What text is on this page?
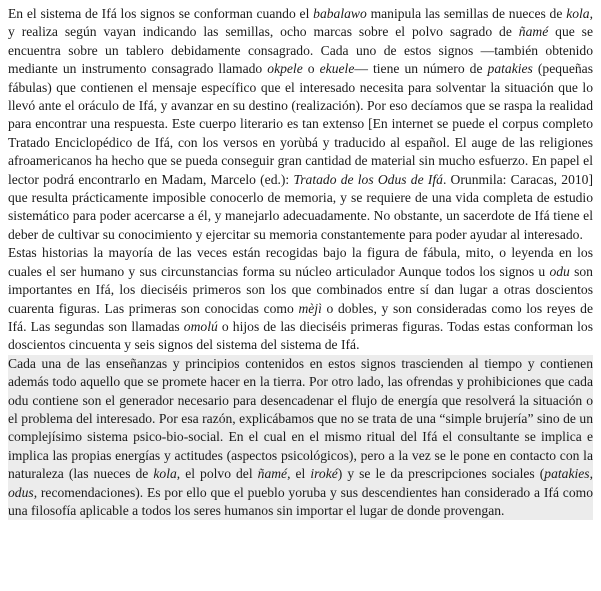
En el sistema de Ifá los signos se conforman cuando el babalawo manipula las semillas de nueces de kola, y realiza según vayan indicando las semillas, ocho marcas sobre el polvo sagrado de ñamé que se encuentra sobre un tablero debidamente consagrado. Cada uno de estos signos —también obtenido mediante un instrumento consagrado llamado okpele o ekuele— tiene un número de patakies (pequeñas fábulas) que contienen el mensaje específico que el interesado necesita para solventar la situación que lo llevó ante el oráculo de Ifá, y avanzar en su destino (realización). Por eso decíamos que se raspa la realidad para encontrar una respuesta. Este cuerpo literario es tan extenso [En internet se puede el corpus completo Tratado Enciclopédico de Ifá, con los versos en yorùbá y traducido al español. El auge de las religiones afroamericanos ha hecho que se pueda conseguir gran cantidad de material sin mucho esfuerzo. En papel el lector podrá encontrarlo en Madam, Marcelo (ed.): Tratado de los Odus de Ifá. Orunmila: Caracas, 2010] que resulta prácticamente imposible conocerlo de memoria, y se requiere de una vida completa de estudio sistemático para poder acercarse a él, y manejarlo adecuadamente. No obstante, un sacerdote de Ifá tiene el deber de cultivar su conocimiento y ejercitar su memoria constantemente para poder ayudar al interesado.

Estas historias la mayoría de las veces están recogidas bajo la figura de fábula, mito, o leyenda en los cuales el ser humano y sus circunstancias forma su núcleo articulador Aunque todos los signos u odu son importantes en Ifá, los dieciséis primeros son los que combinados entre sí dan lugar a otras doscientos cuarenta figuras. Las primeras son conocidas como mèjì o dobles, y son consideradas como los reyes de Ifá. Las segundas son llamadas omolú o hijos de las dieciséis primeras figuras. Todas estas conforman los doscientos cincuenta y seis signos del sistema del sistema de Ifá.

Cada una de las enseñanzas y principios contenidos en estos signos trascienden al tiempo y contienen además todo aquello que se promete hacer en la tierra. Por otro lado, las ofrendas y prohibiciones que cada odu contiene son el generador necesario para desencadenar el flujo de energía que resolverá la situación o el problema del interesado. Por esa razón, explicábamos que no se trata de una “simple brujería” sino de un complejísimo sistema psico-bio-social. En el cual en el mismo ritual del Ifá el consultante se implica e implica las propias energías y actitudes (aspectos psicológicos), pero a la vez se le pone en contacto con la naturaleza (las nueces de kola, el polvo del ñamé, el iroké) y se le da prescripciones sociales (patakies, odus, recomendaciones). Es por ello que el pueblo yoruba y sus descendientes han considerado a Ifá como una filosofía aplicable a todos los seres humanos sin importar el lugar de donde provengan.
